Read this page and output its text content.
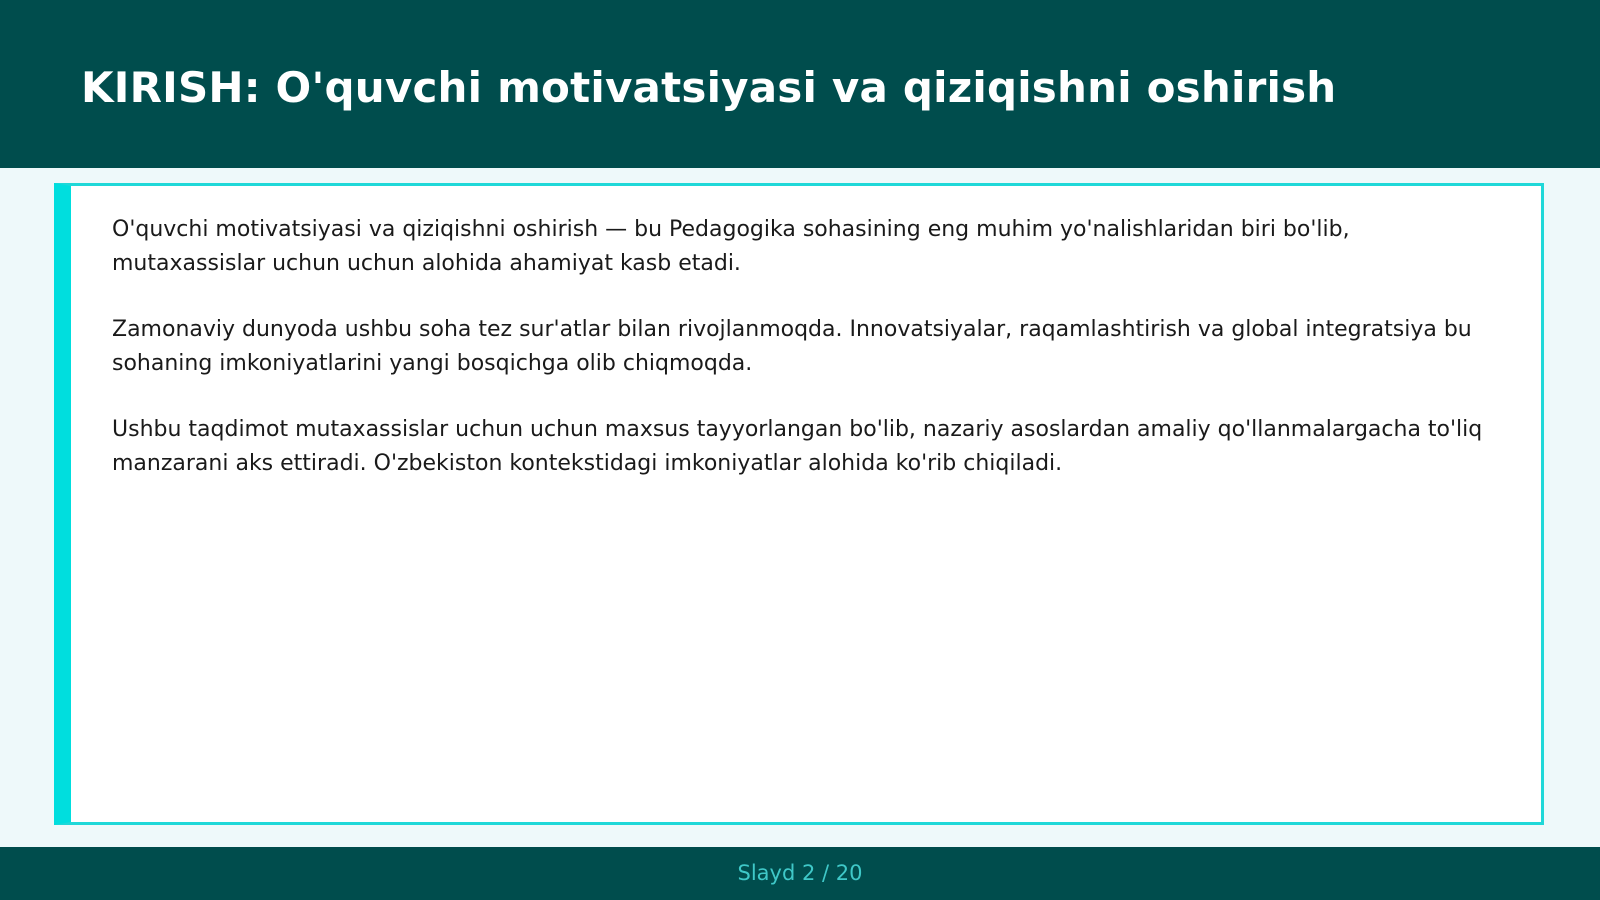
KIRISH: O'quvchi motivatsiyasi va qiziqishni oshirish

O'quvchi motivatsiyasi va qiziqishni oshirish — bu Pedagogika sohasining eng muhim yo'nalishlaridan biri bo'lib, mutaxassislar uchun uchun alohida ahamiyat kasb etadi.

Zamonaviy dunyoda ushbu soha tez sur'atlar bilan rivojlanmoqda. Innovatsiyalar, raqamlashtirish va global integratsiya bu sohaning imkoniyatlarini yangi bosqichga olib chiqmoqda.

Ushbu taqdimot mutaxassislar uchun uchun maxsus tayyorlangan bo'lib, nazariy asoslardan amaliy qo'llanmalargacha to'liq manzarani aks ettiradi. O'zbekiston kontekstidagi imkoniyatlar alohida ko'rib chiqiladi.

Slayd 2 / 20
